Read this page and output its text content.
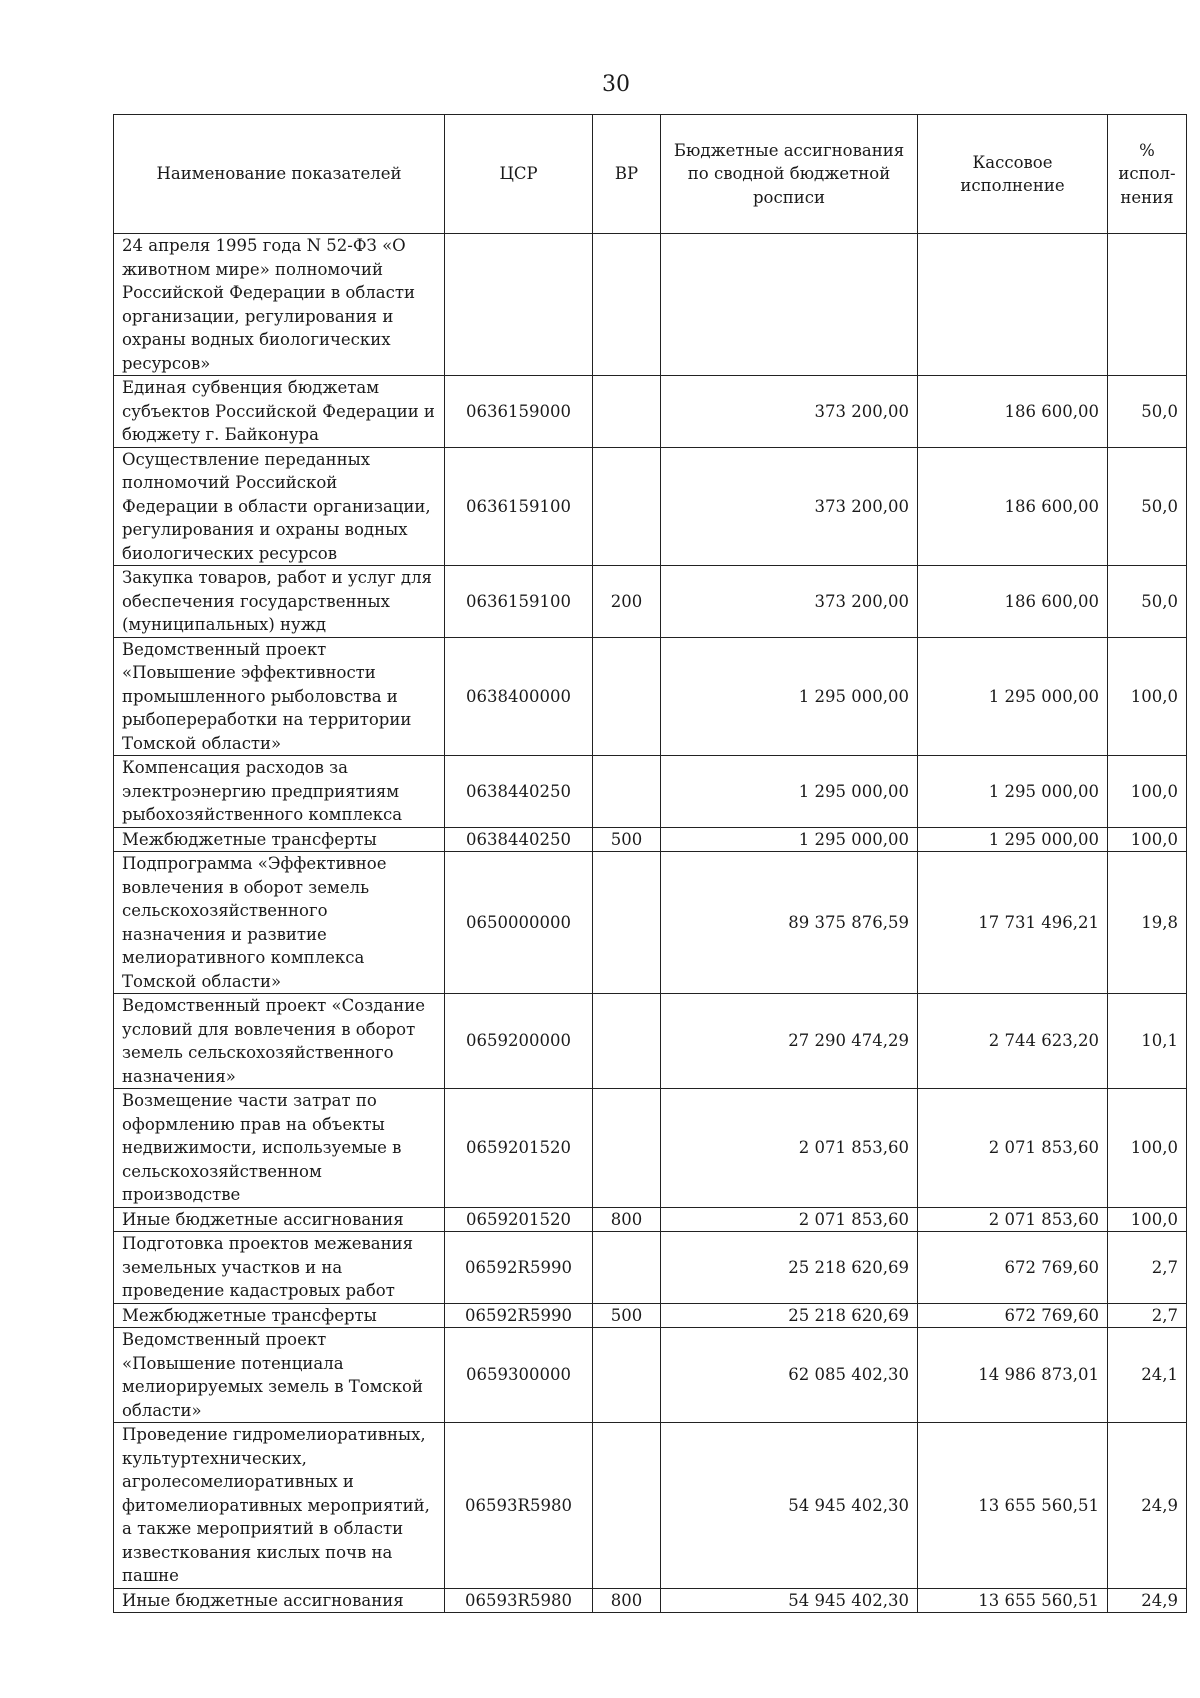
30
Наименование показателей	ЦСР	ВР	Бюджетные ассигнования по сводной бюджетной росписи	Кассовое исполнение	% испол-нения
24 апреля 1995 года N 52-ФЗ «О животном мире» полномочий Российской Федерации в области организации, регулирования и охраны водных биологических ресурсов»					
Единая субвенция бюджетам субъектов Российской Федерации и бюджету г. Байконура	0636159000		373 200,00	186 600,00	50,0
Осуществление переданных полномочий Российской Федерации в области организации, регулирования и охраны водных биологических ресурсов	0636159100		373 200,00	186 600,00	50,0
Закупка товаров, работ и услуг для обеспечения государственных (муниципальных) нужд	0636159100	200	373 200,00	186 600,00	50,0
Ведомственный проект «Повышение эффективности промышленного рыболовства и рыбопереработки на территории Томской области»	0638400000		1 295 000,00	1 295 000,00	100,0
Компенсация расходов за электроэнергию предприятиям рыбохозяйственного комплекса	0638440250		1 295 000,00	1 295 000,00	100,0
Межбюджетные трансферты	0638440250	500	1 295 000,00	1 295 000,00	100,0
Подпрограмма «Эффективное вовлечения в оборот земель сельскохозяйственного назначения и развитие мелиоративного комплекса Томской области»	0650000000		89 375 876,59	17 731 496,21	19,8
Ведомственный проект «Создание условий для вовлечения в оборот земель сельскохозяйственного назначения»	0659200000		27 290 474,29	2 744 623,20	10,1
Возмещение части затрат по оформлению прав на объекты недвижимости, используемые в сельскохозяйственном производстве	0659201520		2 071 853,60	2 071 853,60	100,0
Иные бюджетные ассигнования	0659201520	800	2 071 853,60	2 071 853,60	100,0
Подготовка проектов межевания земельных участков и на проведение кадастровых работ	06592R5990		25 218 620,69	672 769,60	2,7
Межбюджетные трансферты	06592R5990	500	25 218 620,69	672 769,60	2,7
Ведомственный проект «Повышение потенциала мелиорируемых земель в Томской области»	0659300000		62 085 402,30	14 986 873,01	24,1
Проведение гидромелиоративных, культуртехнических, агролесомелиоративных и фитомелиоративных мероприятий, а также мероприятий в области известкования кислых почв на пашне	06593R5980		54 945 402,30	13 655 560,51	24,9
Иные бюджетные ассигнования	06593R5980	800	54 945 402,30	13 655 560,51	24,9
